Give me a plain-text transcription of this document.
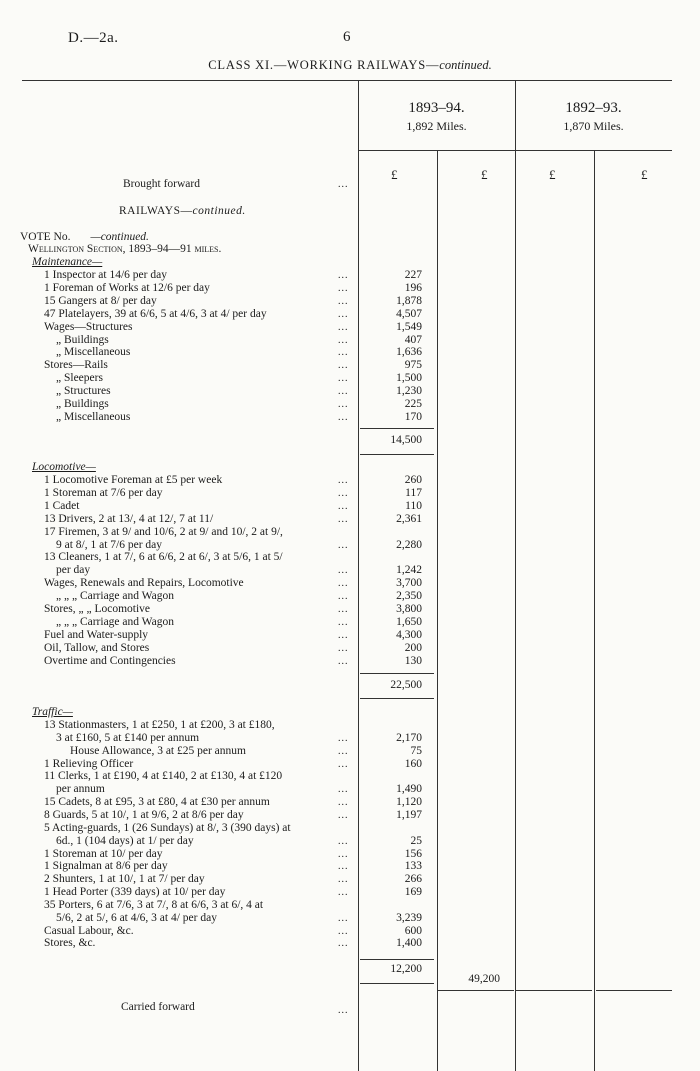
D.—2a.	6
CLASS XI.—WORKING RAILWAYS—continued.
1893–94.
1,892 Miles.
1892–93.
1,870 Miles.
£	£	£	£
Brought forward	...
RAILWAYS—continued.
VOTE No. —continued.
Wellington Section, 1893–94—91 miles.
Maintenance—
1 Inspector at 14/6 per day	...	227
1 Foreman of Works at 12/6 per day	...	196
15 Gangers at 8/ per day	...	1,878
47 Platelayers, 39 at 6/6, 5 at 4/6, 3 at 4/ per day	...	4,507
Wages—Structures	...	1,549
„ Buildings	...	407
„ Miscellaneous	...	1,636
Stores—Rails	...	975
„ Sleepers	...	1,500
„ Structures	...	1,230
„ Buildings	...	225
„ Miscellaneous	...	170
14,500
Locomotive—
1 Locomotive Foreman at £5 per week	...	260
1 Storeman at 7/6 per day	...	117
1 Cadet	...	110
13 Drivers, 2 at 13/, 4 at 12/, 7 at 11/	...	2,361
17 Firemen, 3 at 9/ and 10/6, 2 at 9/ and 10/, 2 at 9/,
9 at 8/, 1 at 7/6 per day	...	2,280
13 Cleaners, 1 at 7/, 6 at 6/6, 2 at 6/, 3 at 5/6, 1 at 5/
per day	...	1,242
Wages, Renewals and Repairs, Locomotive	...	3,700
„ „ „ Carriage and Wagon	...	2,350
Stores, „ „ Locomotive	...	3,800
„ „ „ Carriage and Wagon	...	1,650
Fuel and Water-supply	...	4,300
Oil, Tallow, and Stores	...	200
Overtime and Contingencies	...	130
22,500
Traffic—
13 Stationmasters, 1 at £250, 1 at £200, 3 at £180,
3 at £160, 5 at £140 per annum	...	2,170
House Allowance, 3 at £25 per annum	...	75
1 Relieving Officer	...	160
11 Clerks, 1 at £190, 4 at £140, 2 at £130, 4 at £120
per annum	...	1,490
15 Cadets, 8 at £95, 3 at £80, 4 at £30 per annum	...	1,120
8 Guards, 5 at 10/, 1 at 9/6, 2 at 8/6 per day	...	1,197
5 Acting-guards, 1 (26 Sundays) at 8/, 3 (390 days) at
6d., 1 (104 days) at 1/ per day	...	25
1 Storeman at 10/ per day	...	156
1 Signalman at 8/6 per day	...	133
2 Shunters, 1 at 10/, 1 at 7/ per day	...	266
1 Head Porter (339 days) at 10/ per day	...	169
35 Porters, 6 at 7/6, 3 at 7/, 8 at 6/6, 3 at 6/, 4 at
5/6, 2 at 5/, 6 at 4/6, 3 at 4/ per day	...	3,239
Casual Labour, &c.	...	600
Stores, &c.	...	1,400
12,200
49,200
Carried forward	...
